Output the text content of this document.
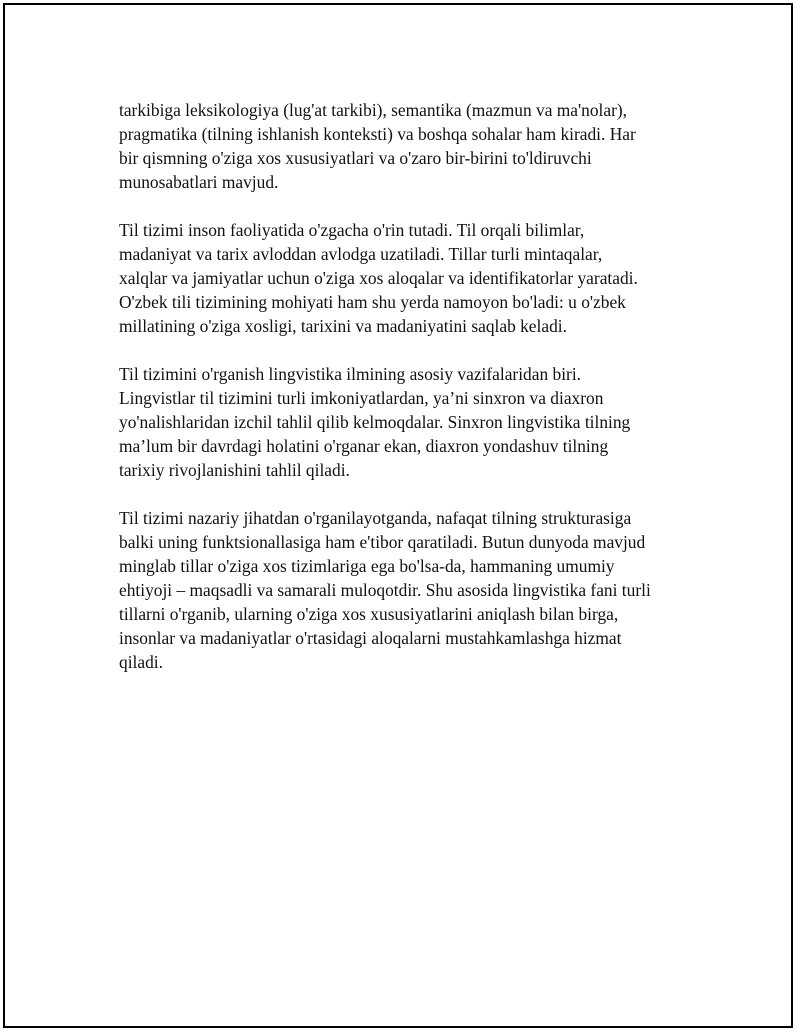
tarkibiga leksikologiya (lug'at tarkibi), semantika (mazmun va ma'nolar),
pragmatika (tilning ishlanish konteksti) va boshqa sohalar ham kiradi. Har
bir qismning o'ziga xos xususiyatlari va o'zaro bir-birini to'ldiruvchi
munosabatlari mavjud.

Til tizimi inson faoliyatida o'zgacha o'rin tutadi. Til orqali bilimlar,
madaniyat va tarix avloddan avlodga uzatiladi. Tillar turli mintaqalar,
xalqlar va jamiyatlar uchun o'ziga xos aloqalar va identifikatorlar yaratadi.
O'zbek tili tizimining mohiyati ham shu yerda namoyon bo'ladi: u o'zbek
millatining o'ziga xosligi, tarixini va madaniyatini saqlab keladi.

Til tizimini o'rganish lingvistika ilmining asosiy vazifalaridan biri.
Lingvistlar til tizimini turli imkoniyatlardan, ya’ni sinxron va diaxron
yo'nalishlaridan izchil tahlil qilib kelmoqdalar. Sinxron lingvistika tilning
ma’lum bir davrdagi holatini o'rganar ekan, diaxron yondashuv tilning
tarixiy rivojlanishini tahlil qiladi.

Til tizimi nazariy jihatdan o'rganilayotganda, nafaqat tilning strukturasiga
balki uning funktsionallasiga ham e'tibor qaratiladi. Butun dunyoda mavjud
minglab tillar o'ziga xos tizimlariga ega bo'lsa-da, hammaning umumiy
ehtiyoji – maqsadli va samarali muloqotdir. Shu asosida lingvistika fani turli
tillarni o'rganib, ularning o'ziga xos xususiyatlarini aniqlash bilan birga,
insonlar va madaniyatlar o'rtasidagi aloqalarni mustahkamlashga hizmat
qiladi.
